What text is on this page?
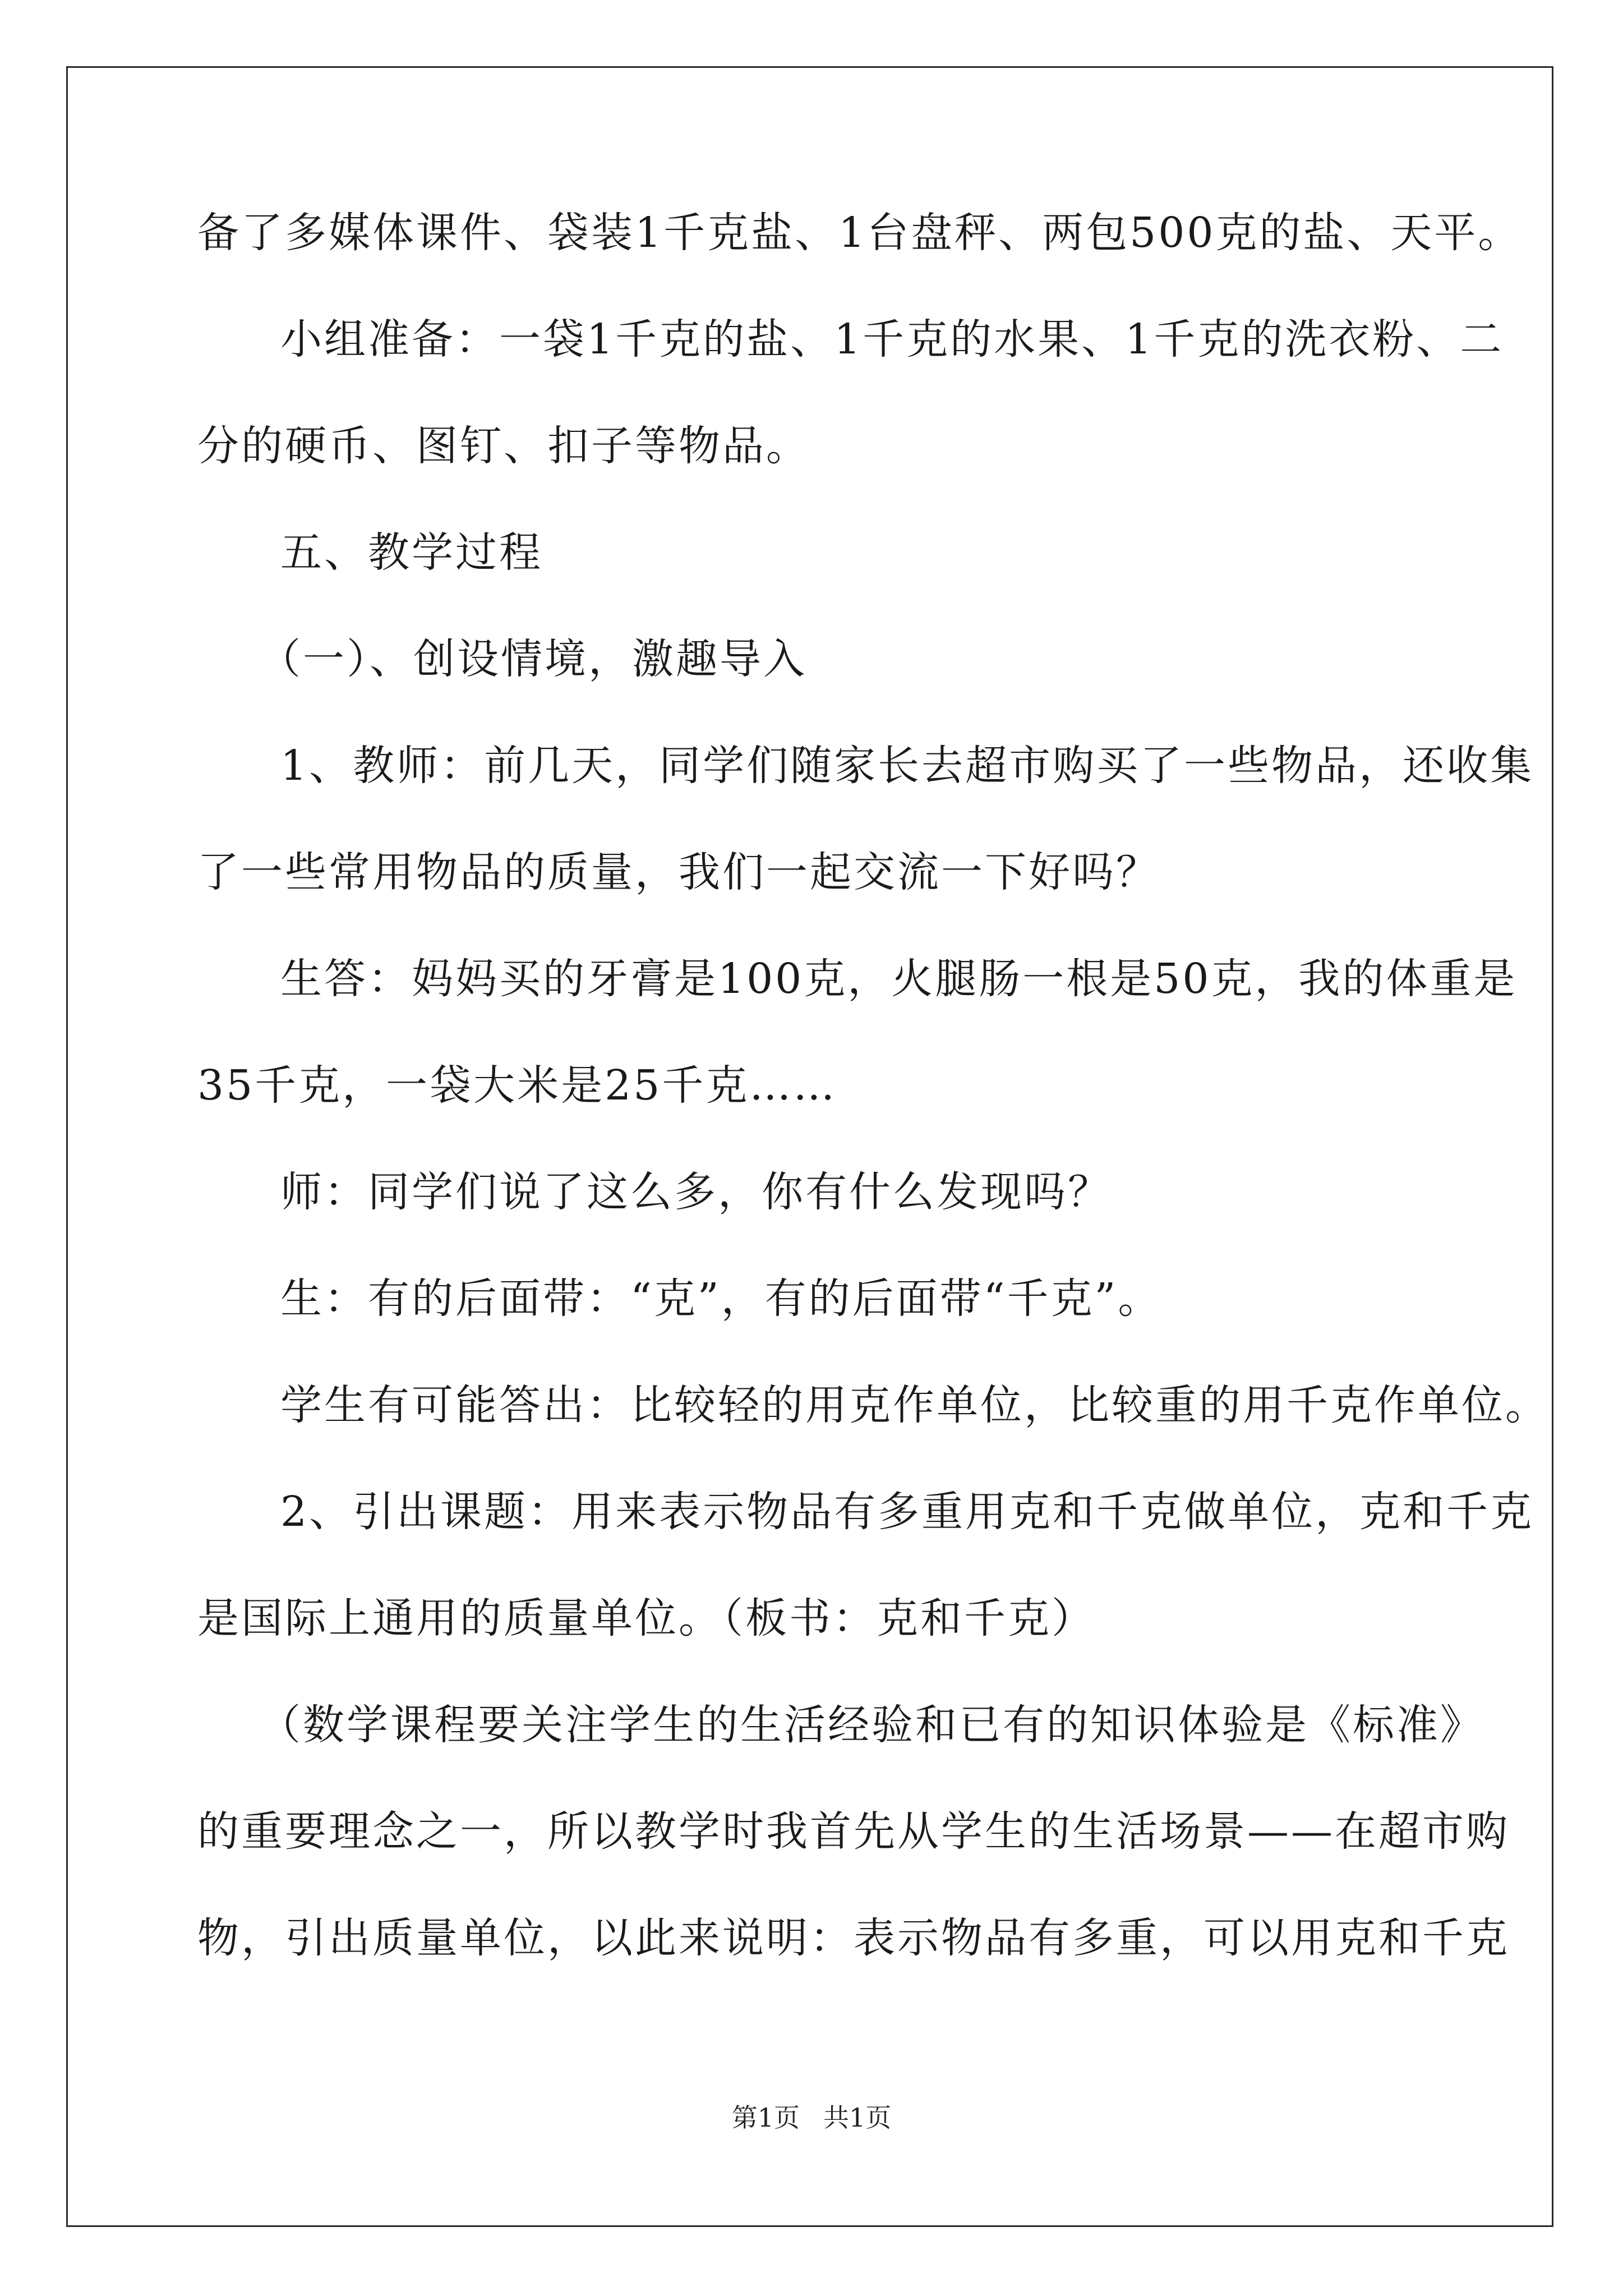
备了多媒体课件、袋装1千克盐、1台盘秤、两包500克的盐、天平。
小组准备：一袋1千克的盐、1千克的水果、1千克的洗衣粉、二
分的硬币、图钉、扣子等物品。
五、教学过程
（一）、创设情境，激趣导入
1、教师：前几天，同学们随家长去超市购买了一些物品，还收集
了一些常用物品的质量，我们一起交流一下好吗？
生答：妈妈买的牙膏是100克，火腿肠一根是50克，我的体重是
35千克，一袋大米是25千克……
师：同学们说了这么多，你有什么发现吗？
生：有的后面带：“克”，有的后面带“千克”。
学生有可能答出：比较轻的用克作单位，比较重的用千克作单位。
2、引出课题：用来表示物品有多重用克和千克做单位，克和千克
是国际上通用的质量单位。（板书：克和千克）
（数学课程要关注学生的生活经验和已有的知识体验是《标准》
的重要理念之一，所以教学时我首先从学生的生活场景——在超市购
物，引出质量单位，以此来说明：表示物品有多重，可以用克和千克
第1页 共1页
